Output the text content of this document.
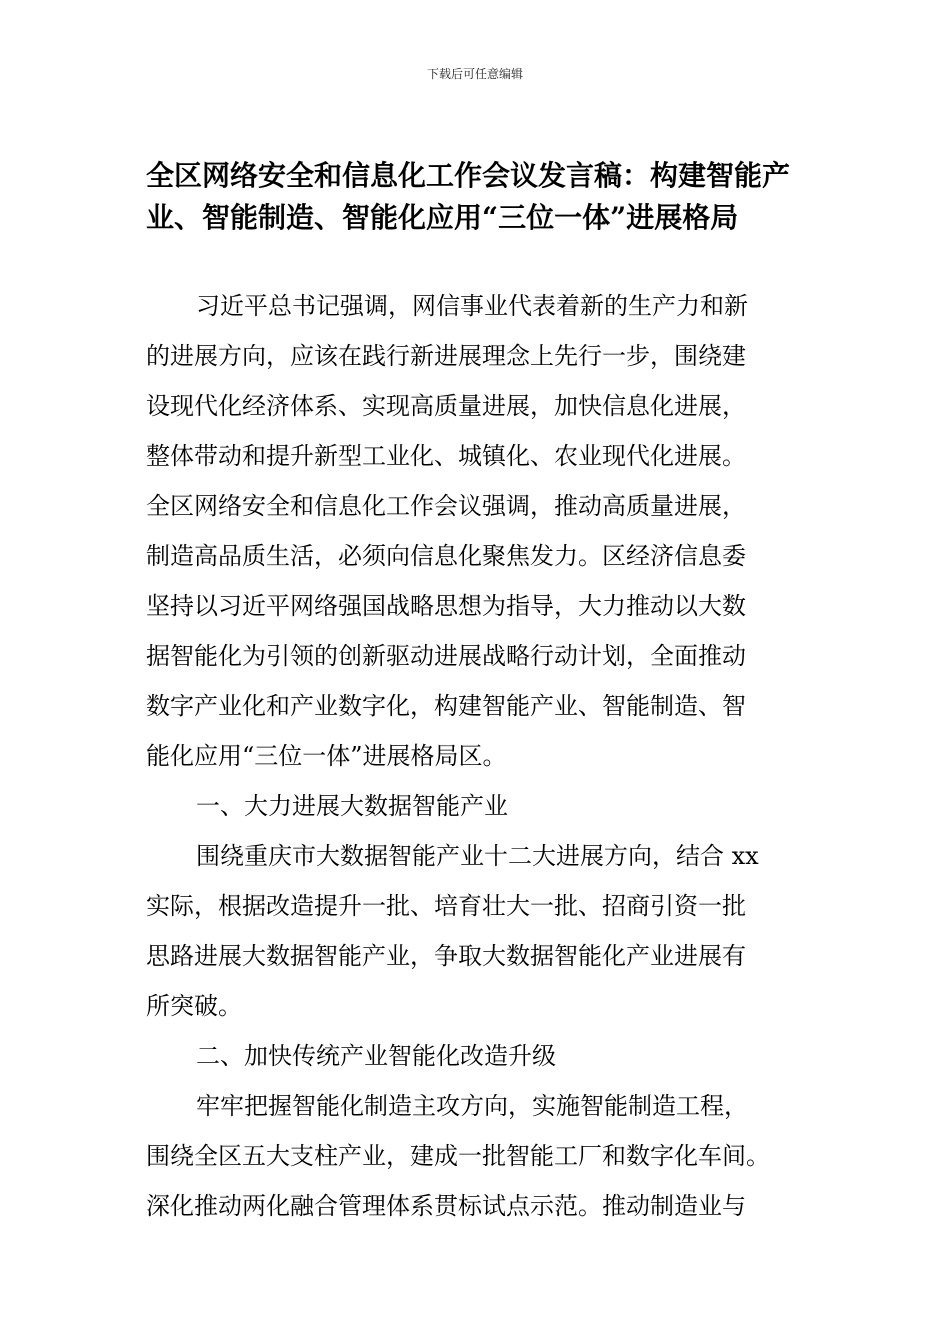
下载后可任意编辑
全区网络安全和信息化工作会议发言稿：构建智能产
业、智能制造、智能化应用“三位一体”进展格局
习近平总书记强调，网信事业代表着新的生产力和新
的进展方向，应该在践行新进展理念上先行一步，围绕建
设现代化经济体系、实现高质量进展，加快信息化进展，
整体带动和提升新型工业化、城镇化、农业现代化进展。
全区网络安全和信息化工作会议强调，推动高质量进展，
制造高品质生活，必须向信息化聚焦发力。区经济信息委
坚持以习近平网络强国战略思想为指导，大力推动以大数
据智能化为引领的创新驱动进展战略行动计划，全面推动
数字产业化和产业数字化，构建智能产业、智能制造、智
能化应用“三位一体”进展格局区。
一、大力进展大数据智能产业
围绕重庆市大数据智能产业十二大进展方向，结合 xx
实际，根据改造提升一批、培育壮大一批、招商引资一批
思路进展大数据智能产业，争取大数据智能化产业进展有
所突破。
二、加快传统产业智能化改造升级
牢牢把握智能化制造主攻方向，实施智能制造工程，
围绕全区五大支柱产业，建成一批智能工厂和数字化车间。
深化推动两化融合管理体系贯标试点示范。推动制造业与
